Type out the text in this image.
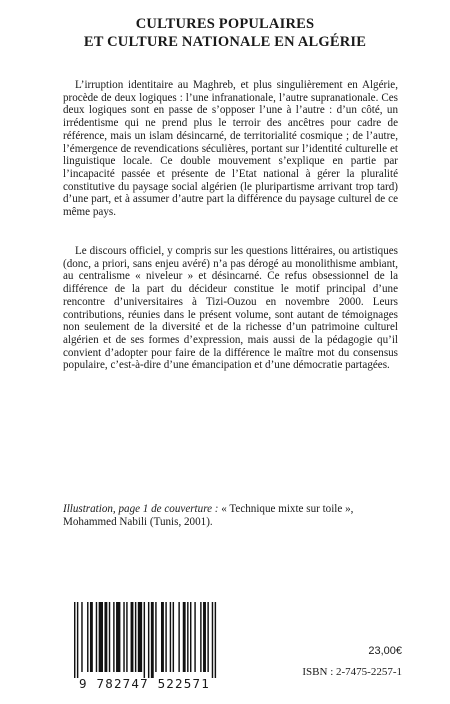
CULTURES POPULAIRES
ET CULTURE NATIONALE EN ALGÉRIE

L’irruption identitaire au Maghreb, et plus singulièrement en Algérie, procède de deux logiques : l’une infranationale, l’autre supranationale. Ces deux logiques sont en passe de s’opposer l’une à l’autre : d’un côté, un irrédentisme qui ne prend plus le terroir des ancêtres pour cadre de référence, mais un islam désincarné, de territorialité cosmique ; de l’autre, l’émergence de revendications séculières, portant sur l’identité culturelle et linguistique locale. Ce double mouvement s’explique en partie par l’incapacité passée et présente de l’Etat national à gérer la pluralité constitutive du paysage social algérien (le pluripartisme arrivant trop tard) d’une part, et à assumer d’autre part la différence du paysage culturel de ce même pays.

Le discours officiel, y compris sur les questions littéraires, ou artistiques (donc, a priori, sans enjeu avéré) n’a pas dérogé au monolithisme ambiant, au centralisme « niveleur » et désincarné. Ce refus obsessionnel de la différence de la part du décideur constitue le motif principal d’une rencontre d’universitaires à Tizi-Ouzou en novembre 2000. Leurs contributions, réunies dans le présent volume, sont autant de témoignages non seulement de la diversité et de la richesse d’un patrimoine culturel algérien et de ses formes d’expression, mais aussi de la pédagogie qu’il convient d’adopter pour faire de la différence le maître mot du consensus populaire, c’est-à-dire d’une émancipation et d’une démocratie partagées.

Illustration, page 1 de couverture : « Technique mixte sur toile », Mohammed Nabili (Tunis, 2001).

9 782747 522571
23,00€
ISBN : 2-7475-2257-1
